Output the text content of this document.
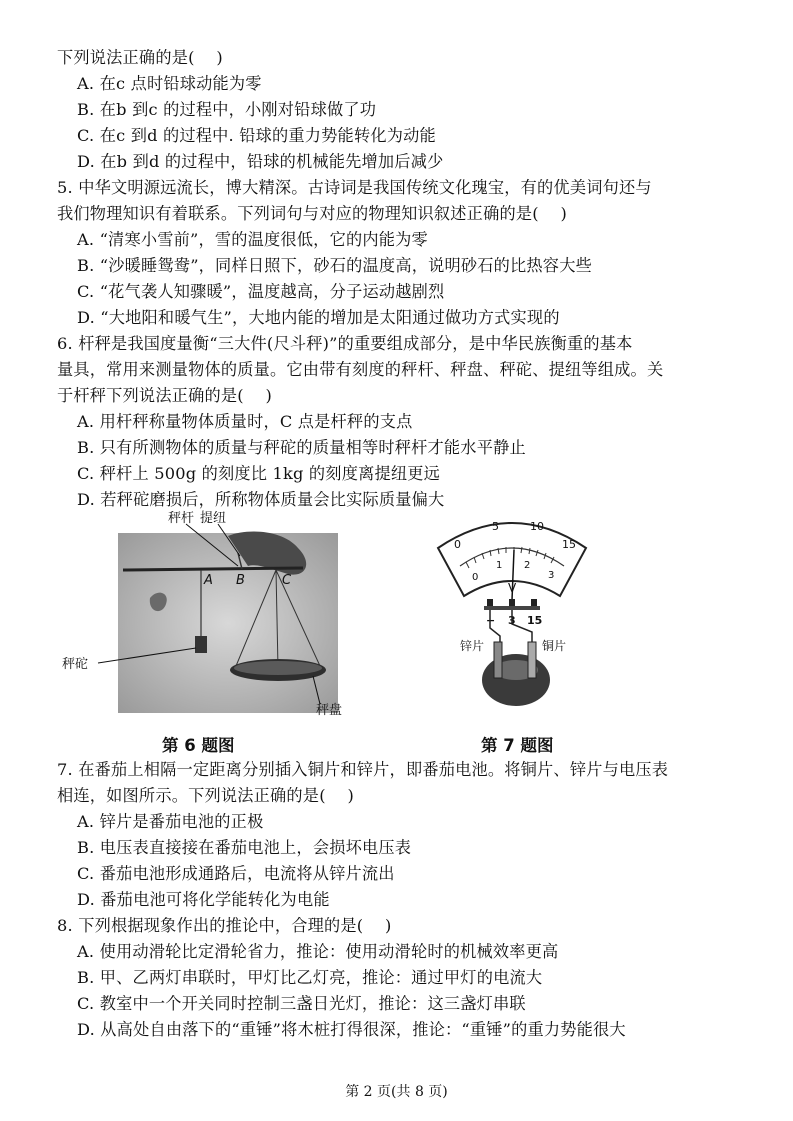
下列说法正确的是(　 )
A. 在c 点时铅球动能为零
B. 在b 到c 的过程中，小刚对铅球做了功
C. 在c 到d 的过程中. 铅球的重力势能转化为动能
D. 在b 到d 的过程中，铅球的机械能先增加后减少
5. 中华文明源远流长，博大精深。古诗词是我国传统文化瑰宝，有的优美词句还与
我们物理知识有着联系。下列词句与对应的物理知识叙述正确的是(　 )
A. “清寒小雪前”，雪的温度很低，它的内能为零
B. “沙暖睡鸳鸯”，同样日照下，砂石的温度高，说明砂石的比热容大些
C. “花气袭人知骤暖”，温度越高，分子运动越剧烈
D. “大地阳和暖气生”，大地内能的增加是太阳通过做功方式实现的
6. 杆秤是我国度量衡“三大件(尺斗秤)”的重要组成部分，是中华民族衡重的基本
量具，常用来测量物体的质量。它由带有刻度的秤杆、秤盘、秤砣、提纽等组成。关
于杆秤下列说法正确的是(　 )
A. 用杆秤称量物体质量时，C 点是杆秤的支点
B. 只有所测物体的质量与秤砣的质量相等时秤杆才能水平静止
C. 秤杆上 500g 的刻度比 1kg 的刻度离提纽更远
D. 若秤砣磨损后，所称物体质量会比实际质量偏大
秤杆 提纽
A B	C
秤砣
秤盘
0
5	10
15
0
1 2
3
V
− 3 15
锌片	铜片
第 6 题图	第 7 题图
7. 在番茄上相隔一定距离分别插入铜片和锌片，即番茄电池。将铜片、锌片与电压表
相连，如图所示。下列说法正确的是(　 )
A. 锌片是番茄电池的正极
B. 电压表直接接在番茄电池上，会损坏电压表
C. 番茄电池形成通路后，电流将从锌片流出
D. 番茄电池可将化学能转化为电能
8. 下列根据现象作出的推论中，合理的是(　 )
A. 使用动滑轮比定滑轮省力，推论：使用动滑轮时的机械效率更高
B. 甲、乙两灯串联时，甲灯比乙灯亮，推论：通过甲灯的电流大
C. 教室中一个开关同时控制三盏日光灯，推论：这三盏灯串联
D. 从高处自由落下的“重锤”将木桩打得很深，推论：“重锤”的重力势能很大
第 2 页(共 8 页)
